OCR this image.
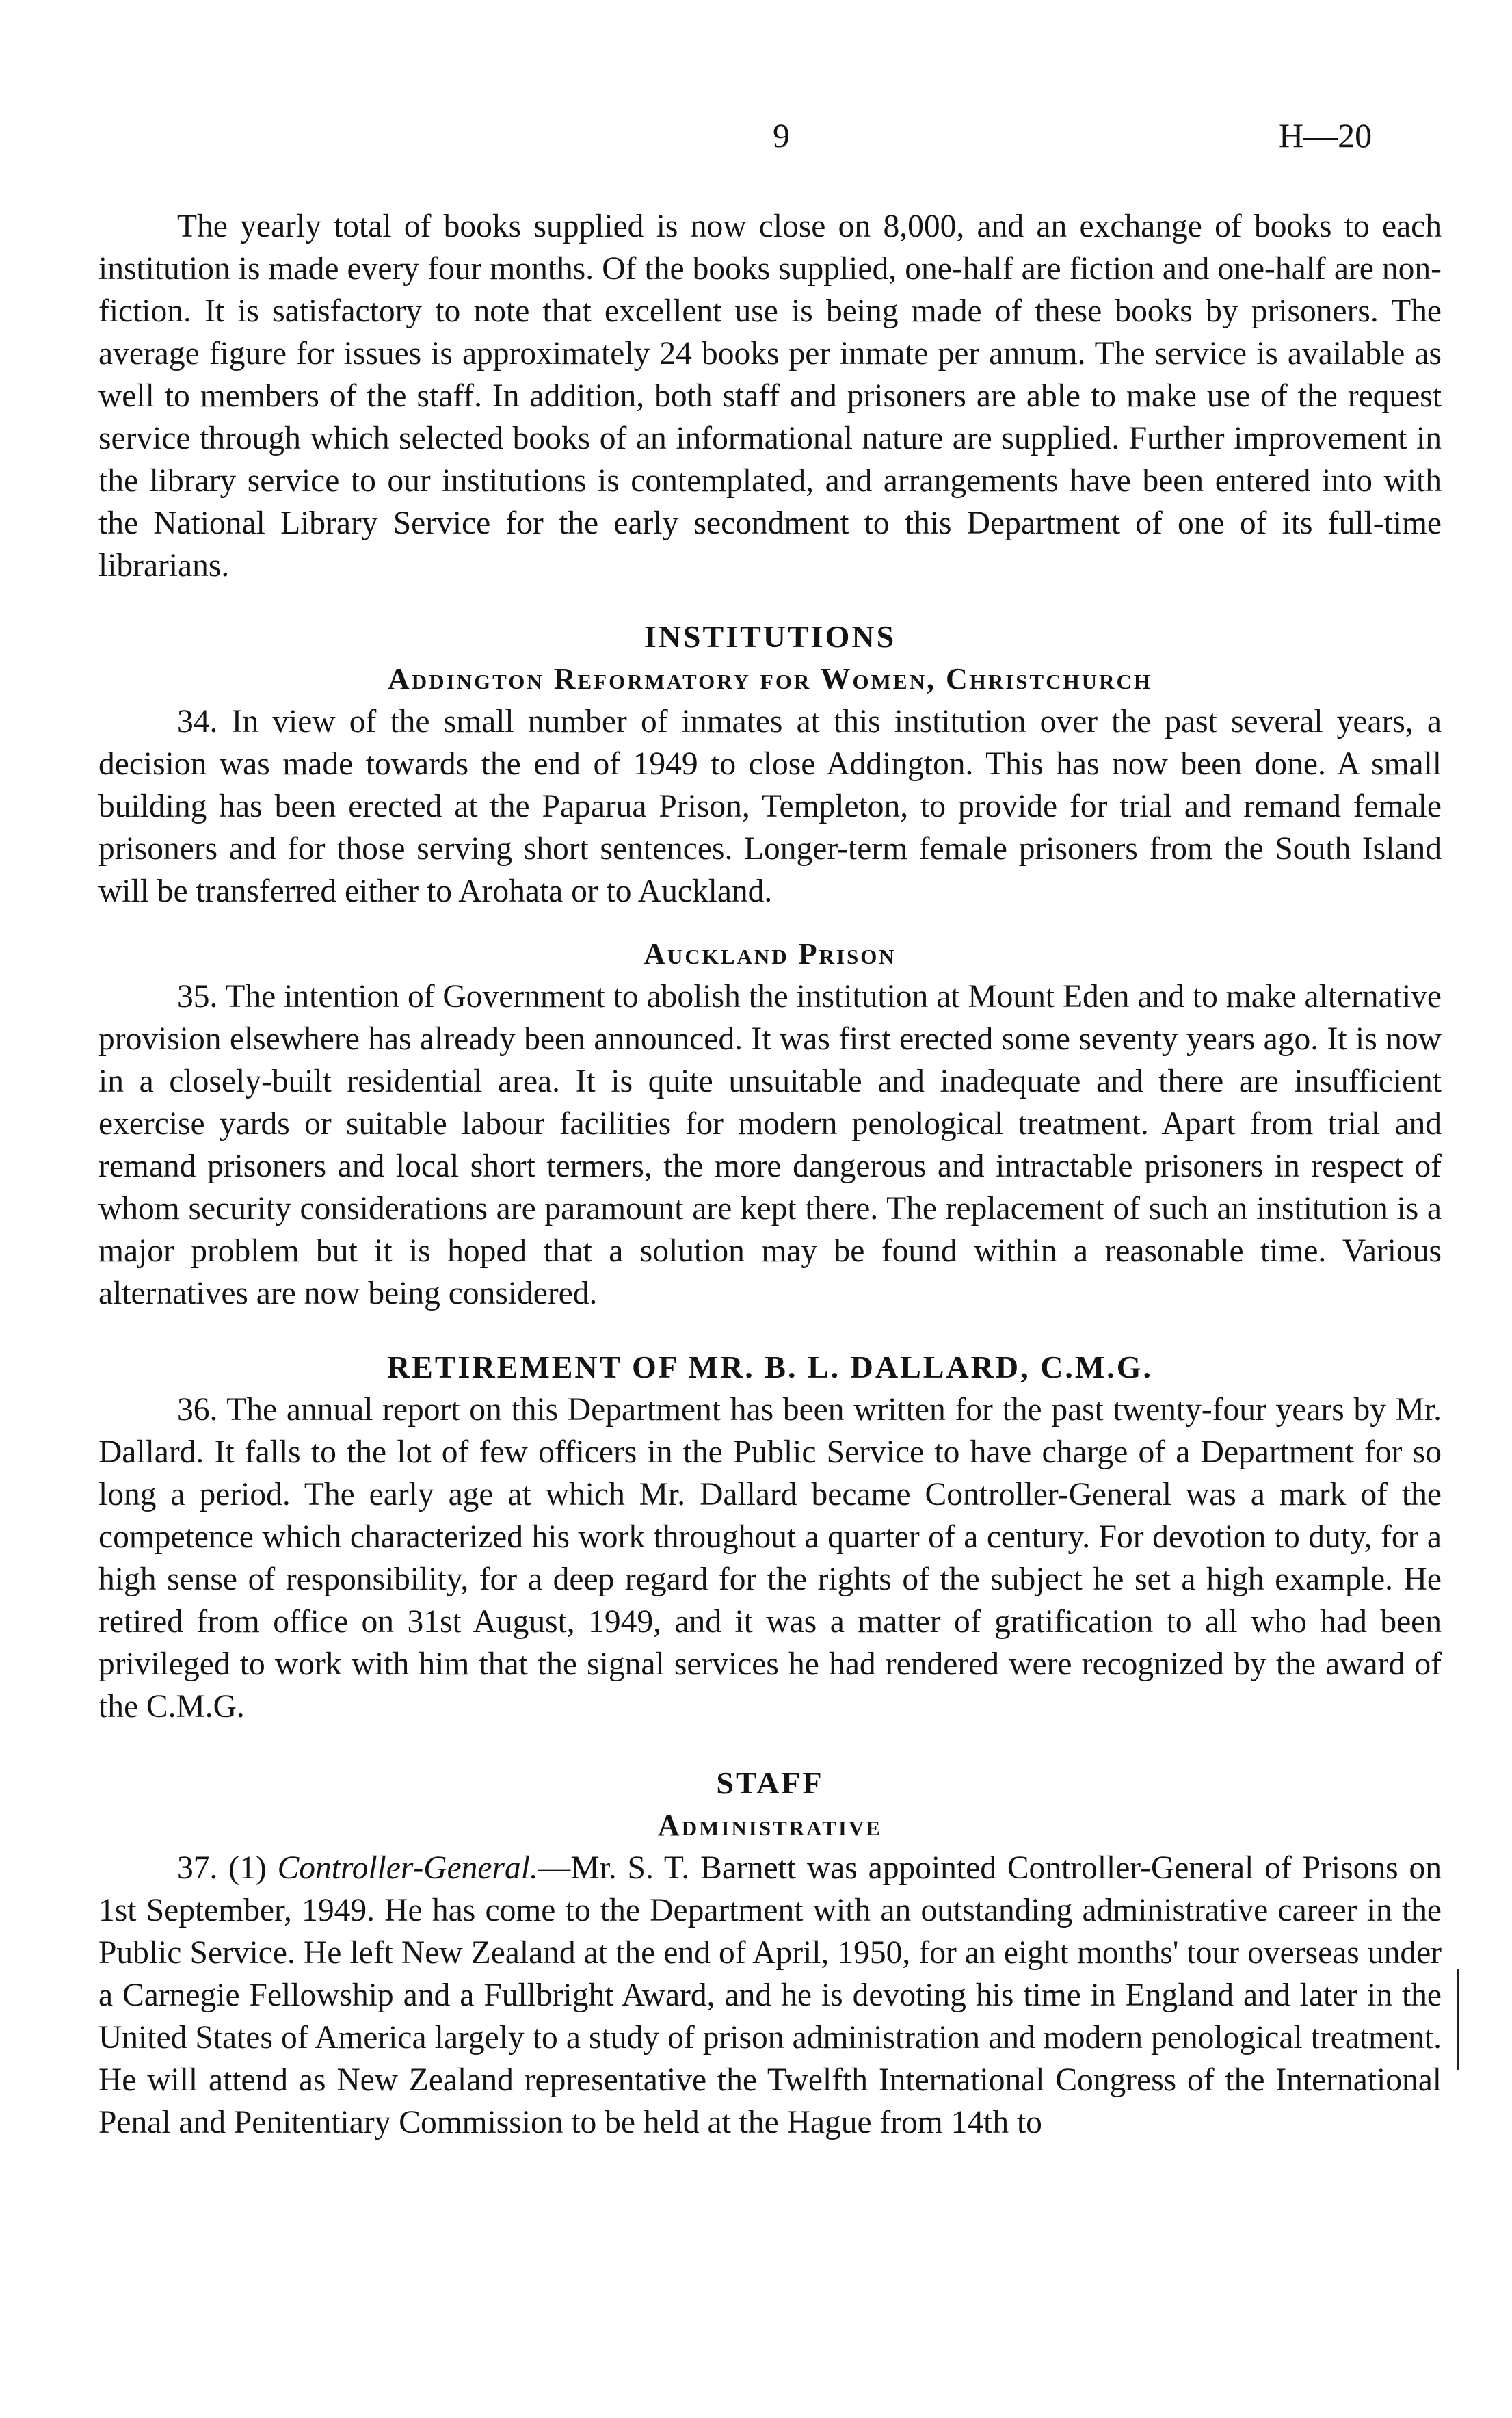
9	H—20

The yearly total of books supplied is now close on 8,000, and an exchange of books to each institution is made every four months. Of the books supplied, one-half are fiction and one-half are non-fiction. It is satisfactory to note that excellent use is being made of these books by prisoners. The average figure for issues is approximately 24 books per inmate per annum. The service is available as well to members of the staff. In addition, both staff and prisoners are able to make use of the request service through which selected books of an informational nature are supplied. Further improvement in the library service to our institutions is contemplated, and arrangements have been entered into with the National Library Service for the early secondment to this Department of one of its full-time librarians.

INSTITUTIONS
Addington Reformatory for Women, Christchurch

34. In view of the small number of inmates at this institution over the past several years, a decision was made towards the end of 1949 to close Addington. This has now been done. A small building has been erected at the Paparua Prison, Templeton, to provide for trial and remand female prisoners and for those serving short sentences. Longer-term female prisoners from the South Island will be transferred either to Arohata or to Auckland.

Auckland Prison

35. The intention of Government to abolish the institution at Mount Eden and to make alternative provision elsewhere has already been announced. It was first erected some seventy years ago. It is now in a closely-built residential area. It is quite unsuitable and inadequate and there are insufficient exercise yards or suitable labour facilities for modern penological treatment. Apart from trial and remand prisoners and local short termers, the more dangerous and intractable prisoners in respect of whom security considerations are paramount are kept there. The replacement of such an institution is a major problem but it is hoped that a solution may be found within a reasonable time. Various alternatives are now being considered.

RETIREMENT OF MR. B. L. DALLARD, C.M.G.

36. The annual report on this Department has been written for the past twenty-four years by Mr. Dallard. It falls to the lot of few officers in the Public Service to have charge of a Department for so long a period. The early age at which Mr. Dallard became Controller-General was a mark of the competence which characterized his work throughout a quarter of a century. For devotion to duty, for a high sense of responsibility, for a deep regard for the rights of the subject he set a high example. He retired from office on 31st August, 1949, and it was a matter of gratification to all who had been privileged to work with him that the signal services he had rendered were recognized by the award of the C.M.G.

STAFF
Administrative

37. (1) Controller-General.—Mr. S. T. Barnett was appointed Controller-General of Prisons on 1st September, 1949. He has come to the Department with an outstanding administrative career in the Public Service. He left New Zealand at the end of April, 1950, for an eight months' tour overseas under a Carnegie Fellowship and a Fullbright Award, and he is devoting his time in England and later in the United States of America largely to a study of prison administration and modern penological treatment. He will attend as New Zealand representative the Twelfth International Congress of the International Penal and Penitentiary Commission to be held at the Hague from 14th to
